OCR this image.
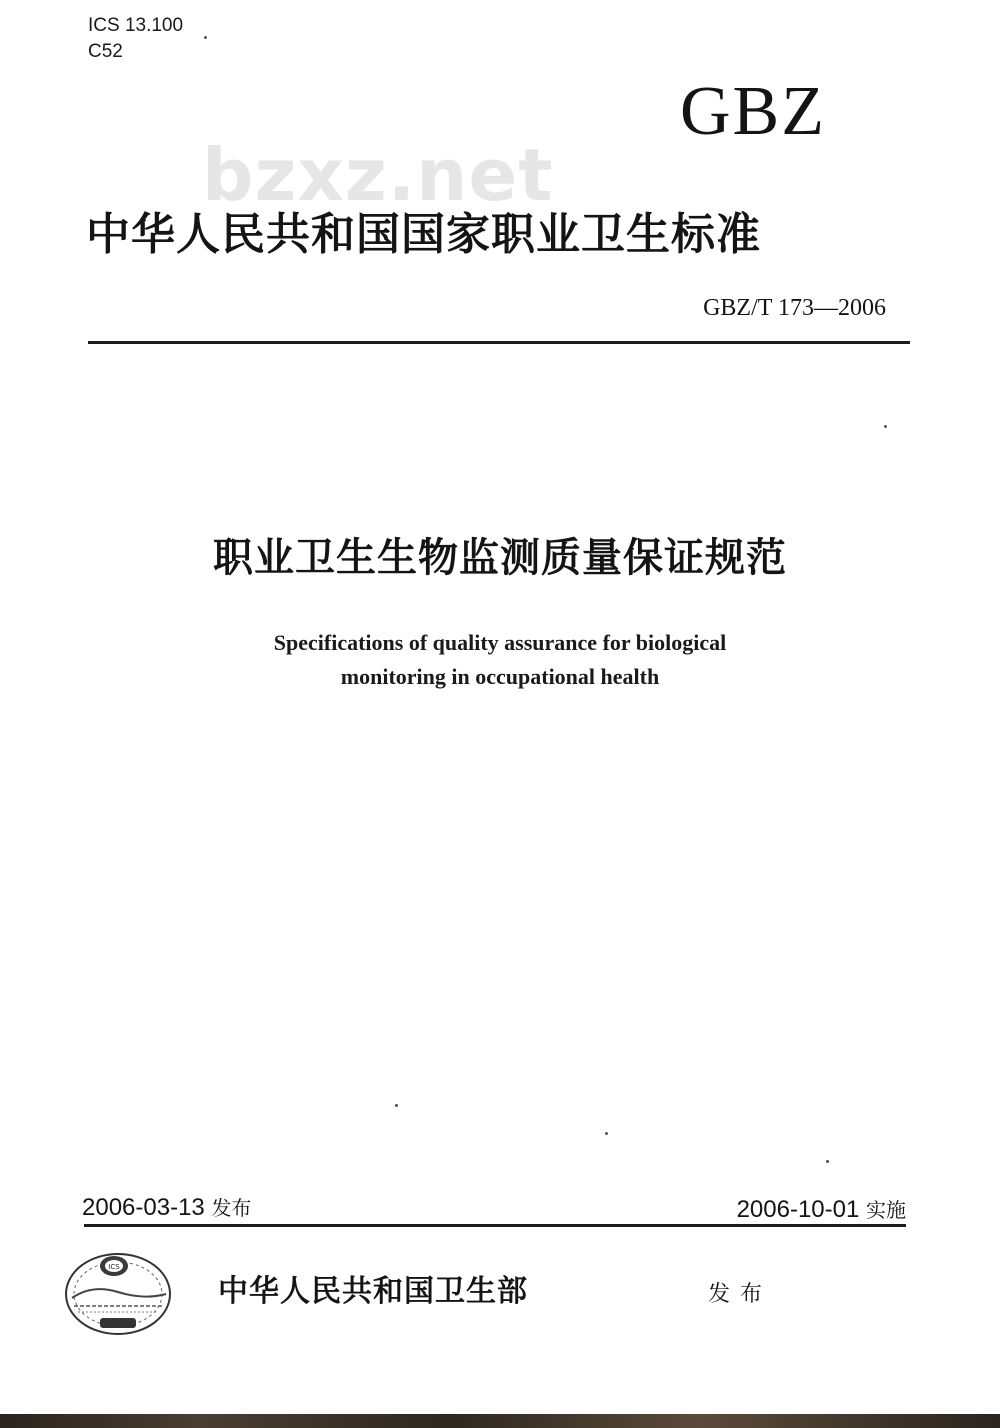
ICS 13.100
C52
GBZ
bzxz.net
中华人民共和国国家职业卫生标准
GBZ/T 173—2006
职业卫生生物监测质量保证规范
Specifications of quality assurance for biological
monitoring in occupational health
2006-03-13 发布	2006-10-01 实施
ICS
中华人民共和国卫生部	发布
